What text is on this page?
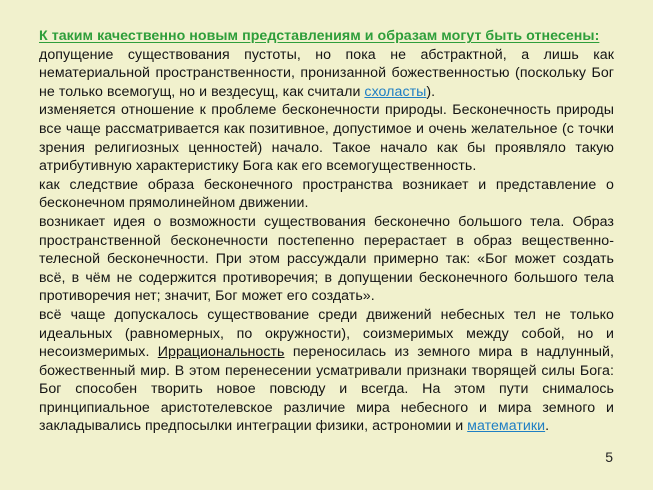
К таким качественно новым представлениям и образам могут быть отнесены:

допущение существования пустоты, но пока не абстрактной, а лишь как нематериальной пространственности, пронизанной божественностью (поскольку Бог не только всемогущ, но и вездесущ, как считали схоласты).

изменяется отношение к проблеме бесконечности природы. Бесконечность природы все чаще рассматривается как позитивное, допустимое и очень желательное (с точки зрения религиозных ценностей) начало. Такое начало как бы проявляло такую атрибутивную характеристику Бога как его всемогущественность.

как следствие образа бесконечного пространства возникает и представление о бесконечном прямолинейном движении.

возникает идея о возможности существования бесконечно большого тела. Образ пространственной бесконечности постепенно перерастает в образ вещественно-телесной бесконечности. При этом рассуждали примерно так: «Бог может создать всё, в чём не содержится противоречия; в допущении бесконечного большого тела противоречия нет; значит, Бог может его создать».

всё чаще допускалось существование среди движений небесных тел не только идеальных (равномерных, по окружности), соизмеримых между собой, но и несоизмеримых. Иррациональность переносилась из земного мира в надлунный, божественный мир. В этом перенесении усматривали признаки творящей силы Бога: Бог способен творить новое повсюду и всегда. На этом пути снималось принципиальное аристотелевское различие мира небесного и мира земного и закладывались предпосылки интеграции физики, астрономии и математики.

5
